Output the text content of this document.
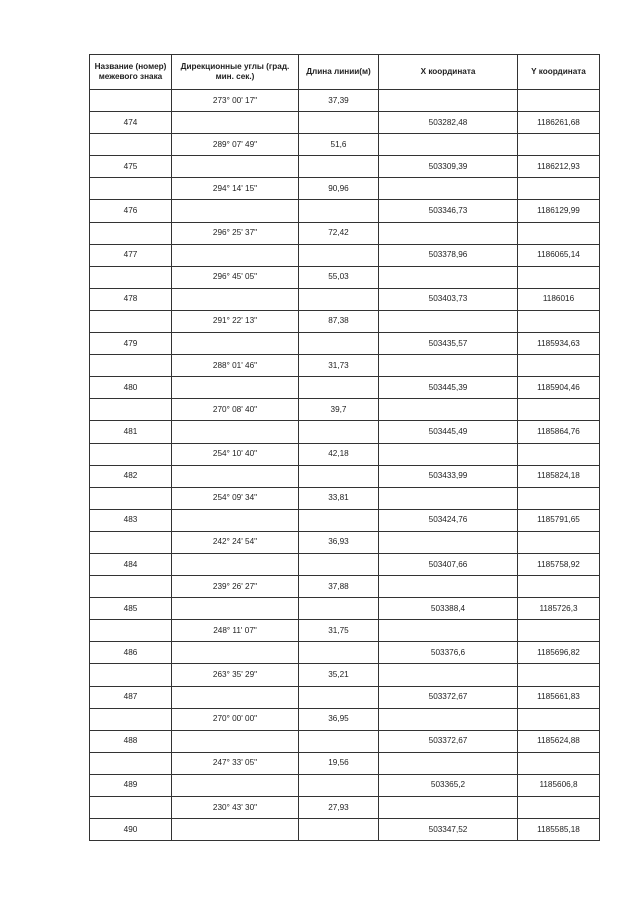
Название (номер) межевого знака	Дирекционные углы (град. мин. сек.)	Длина линии(м)	X координата	Y координата
	273° 00' 17"	37,39		
474			503282,48	1186261,68
	289° 07' 49"	51,6		
475			503309,39	1186212,93
	294° 14' 15"	90,96		
476			503346,73	1186129,99
	296° 25' 37"	72,42		
477			503378,96	1186065,14
	296° 45' 05"	55,03		
478			503403,73	1186016
	291° 22' 13"	87,38		
479			503435,57	1185934,63
	288° 01' 46"	31,73		
480			503445,39	1185904,46
	270° 08' 40"	39,7		
481			503445,49	1185864,76
	254° 10' 40"	42,18		
482			503433,99	1185824,18
	254° 09' 34"	33,81		
483			503424,76	1185791,65
	242° 24' 54"	36,93		
484			503407,66	1185758,92
	239° 26' 27"	37,88		
485			503388,4	1185726,3
	248° 11' 07"	31,75		
486			503376,6	1185696,82
	263° 35' 29"	35,21		
487			503372,67	1185661,83
	270° 00' 00"	36,95		
488			503372,67	1185624,88
	247° 33' 05"	19,56		
489			503365,2	1185606,8
	230° 43' 30"	27,93		
490			503347,52	1185585,18
